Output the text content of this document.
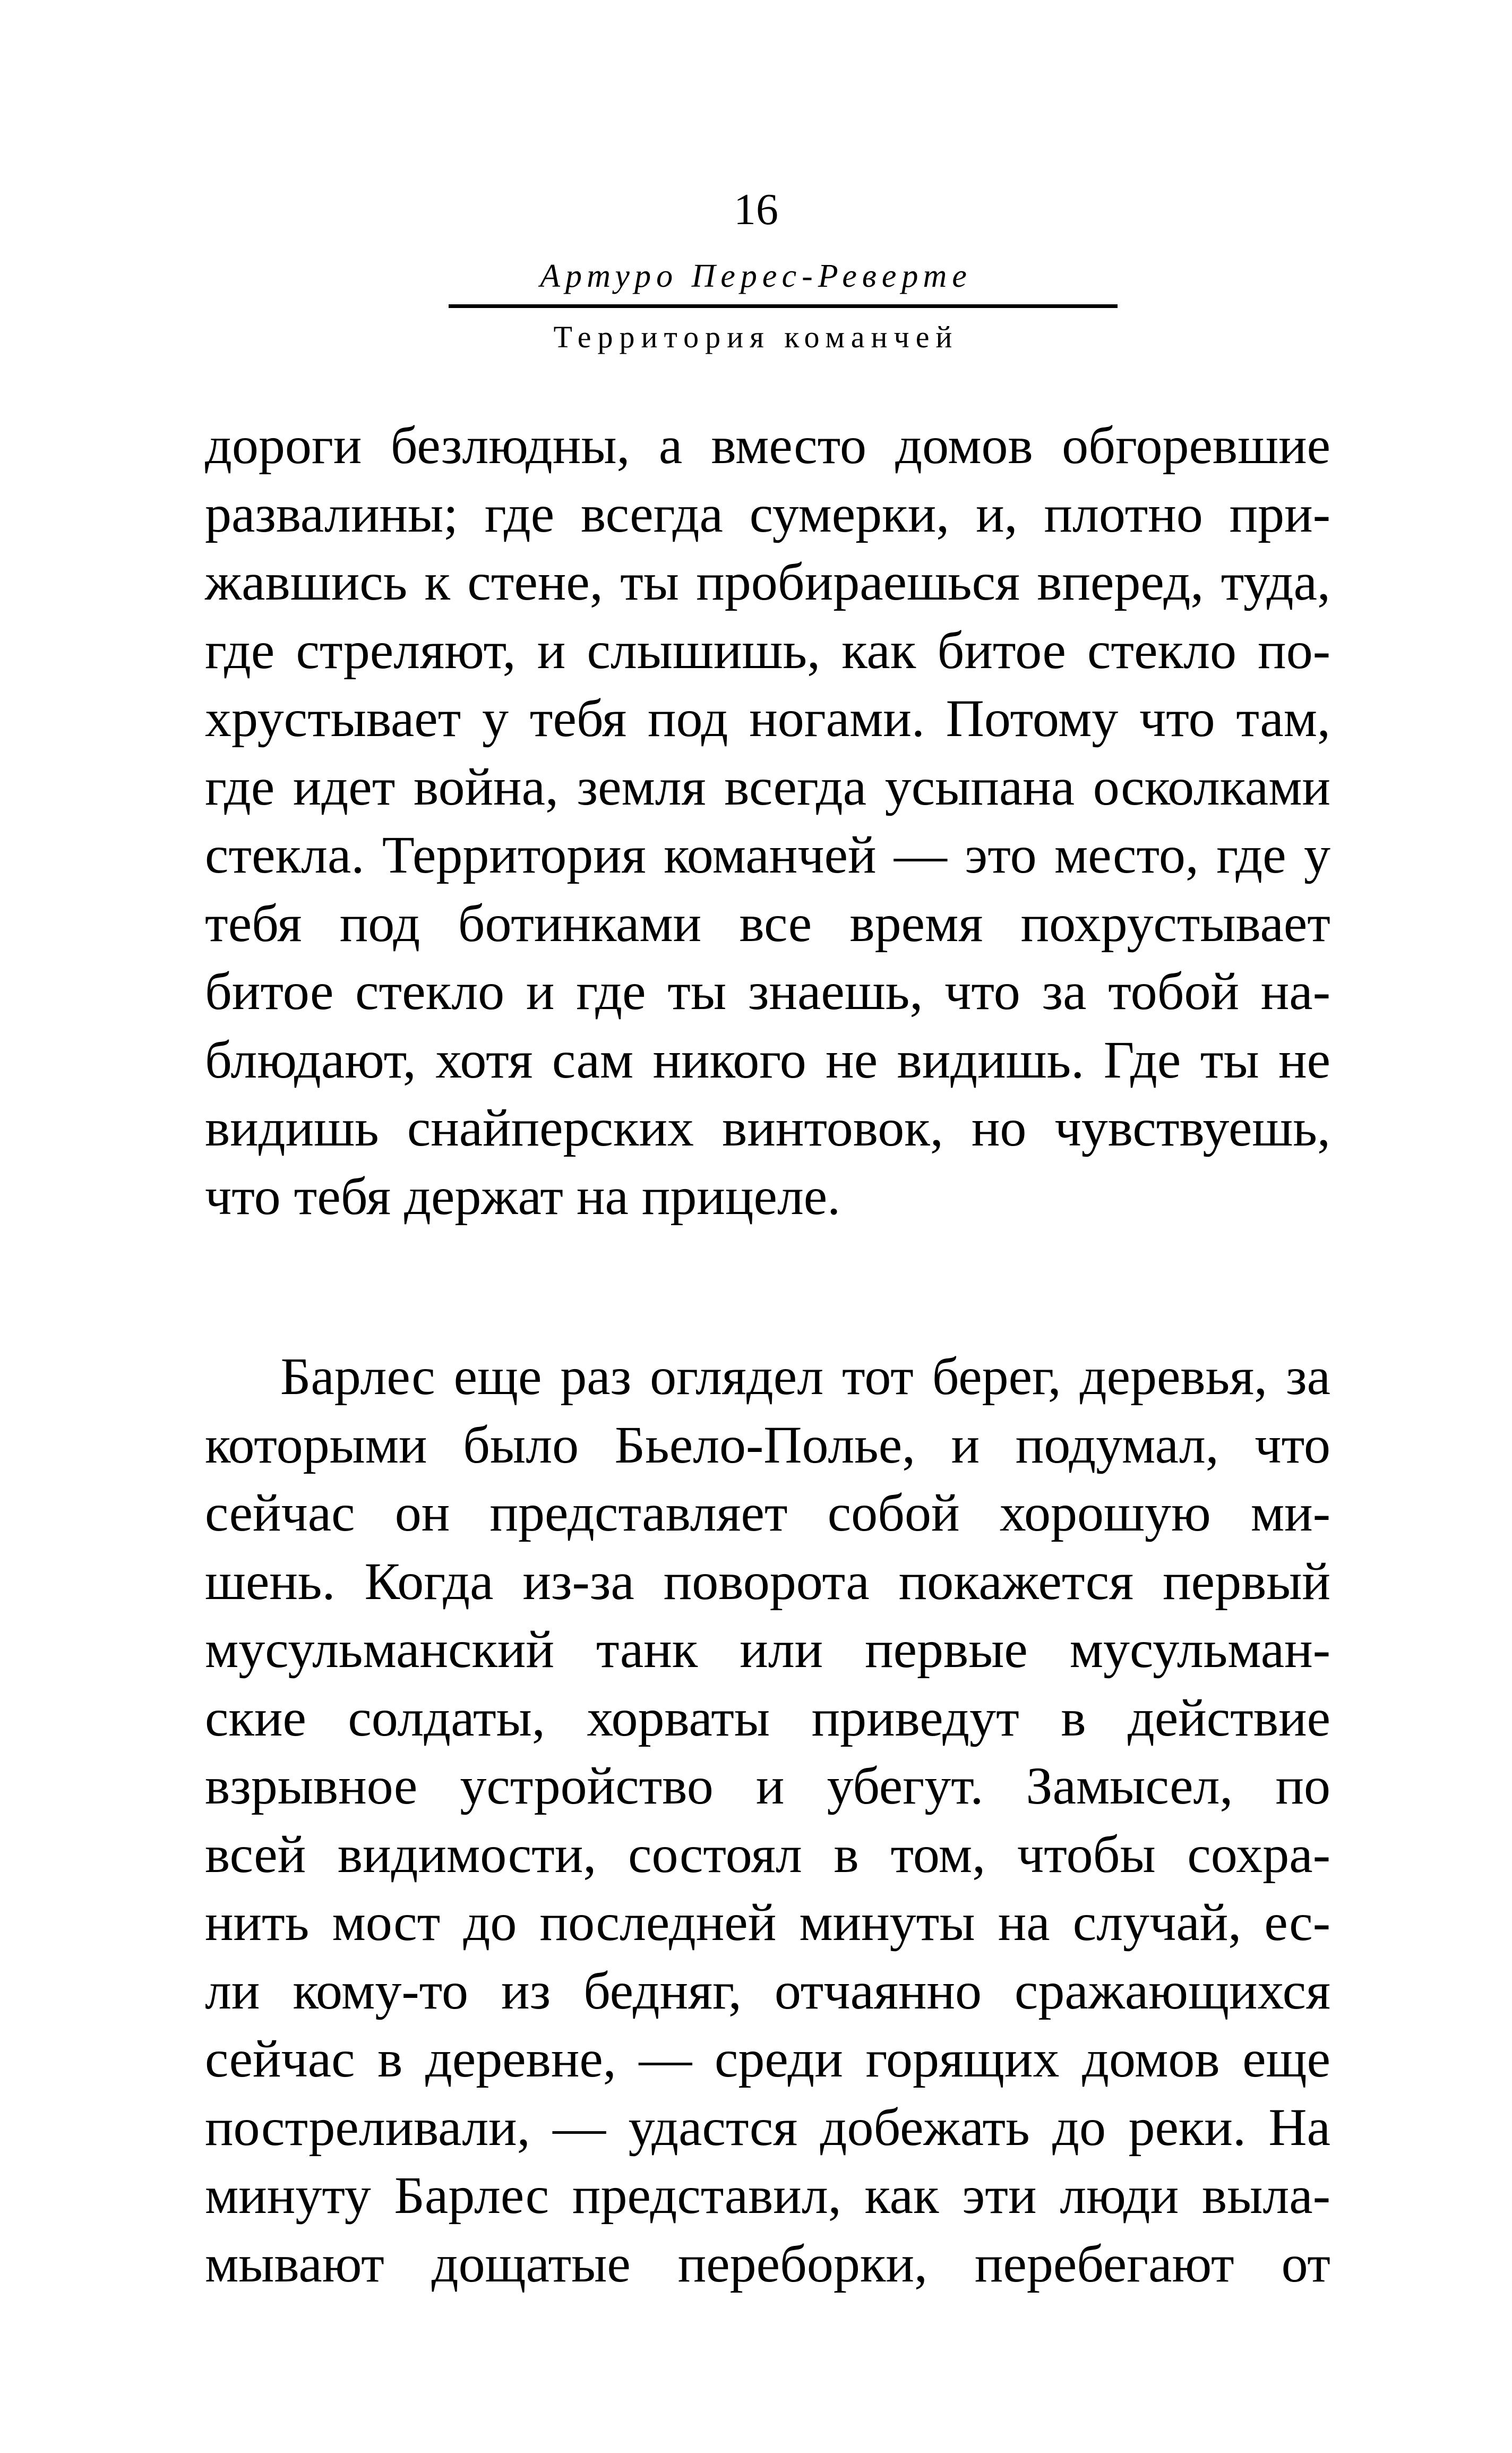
16
Артуро Перес-Реверте
Территория команчей
дороги безлюдны, а вместо домов обгоревшие
развалины; где всегда сумерки, и, плотно при-
жавшись к стене, ты пробираешься вперед, туда,
где стреляют, и слышишь, как битое стекло по-
хрустывает у тебя под ногами. Потому что там,
где идет война, земля всегда усыпана осколками
стекла. Территория команчей — это место, где у
тебя под ботинками все время похрустывает
битое стекло и где ты знаешь, что за тобой на-
блюдают, хотя сам никого не видишь. Где ты не
видишь снайперских винтовок, но чувствуешь,
что тебя держат на прицеле.
Барлес еще раз оглядел тот берег, деревья, за
которыми было Бьело-Полье, и подумал, что
сейчас он представляет собой хорошую ми-
шень. Когда из-за поворота покажется первый
мусульманский танк или первые мусульман-
ские солдаты, хорваты приведут в действие
взрывное устройство и убегут. Замысел, по
всей видимости, состоял в том, чтобы сохра-
нить мост до последней минуты на случай, ес-
ли кому-то из бедняг, отчаянно сражающихся
сейчас в деревне, — среди горящих домов еще
постреливали, — удастся добежать до реки. На
минуту Барлес представил, как эти люди выла-
мывают дощатые переборки, перебегают от
